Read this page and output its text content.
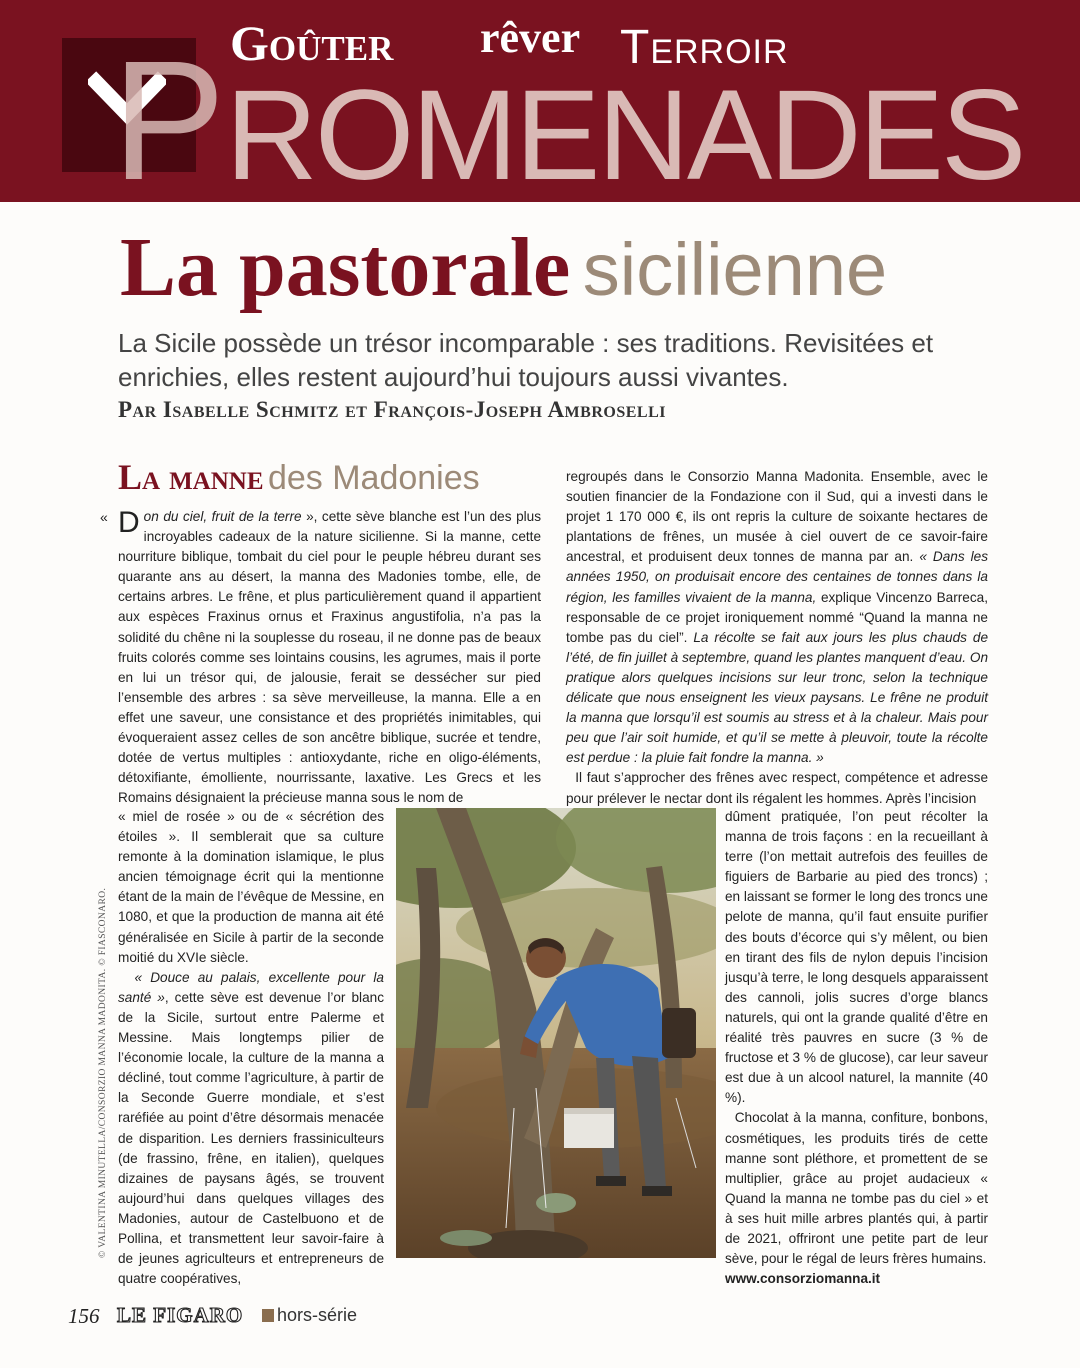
PROMENADES
Goûter rêver Terroir
La pastorale sicilienne
La Sicile possède un trésor incomparable : ses traditions. Revisitées et enrichies, elles restent aujourd’hui toujours aussi vivantes.
Par Isabelle Schmitz et François-Joseph Ambroselli
La manne des Madonies
« Don du ciel, fruit de la terre », cette sève blanche est l’un des plus incroyables cadeaux de la nature sicilienne. Si la manne, cette nourriture biblique, tombait du ciel pour le peuple hébreu durant ses quarante ans au désert, la manna des Madonies tombe, elle, de certains arbres. Le frêne, et plus particulièrement quand il appartient aux espèces Fraxinus ornus et Fraxinus angustifolia, n’a pas la solidité du chêne ni la souplesse du roseau, il ne donne pas de beaux fruits colorés comme ses lointains cousins, les agrumes, mais il porte en lui un trésor qui, de jalousie, ferait se dessécher sur pied l’ensemble des arbres : sa sève merveilleuse, la manna. Elle a en effet une saveur, une consistance et des propriétés inimitables, qui évoqueraient assez celles de son ancêtre biblique, sucrée et tendre, dotée de vertus multiples : antioxydante, riche en oligo-éléments, détoxifiante, émolliente, nourrissante, laxative. Les Grecs et les Romains désignaient la précieuse manna sous le nom de

« miel de rosée » ou de « sécrétion des étoiles ». Il semblerait que sa culture remonte à la domination islamique, le plus ancien témoignage écrit qui la mentionne étant de la main de l’évêque de Messine, en 1080, et que la production de manna ait été généralisée en Sicile à partir de la seconde moitié du XVIe siècle.

« Douce au palais, excellente pour la santé », cette sève est devenue l’or blanc de la Sicile, surtout entre Palerme et Messine. Mais longtemps pilier de l’économie locale, la culture de la manna a décliné, tout comme l’agriculture, à partir de la Seconde Guerre mondiale, et s’est raréfiée au point d’être désormais menacée de disparition. Les derniers frassinicultеurs (de frassino, frêne, en italien), quelques dizaines de paysans âgés, se trouvent aujourd’hui dans quelques villages des Madonies, autour de Castelbuono et de Pollina, et transmettent leur savoir-faire à de jeunes agriculteurs et entrepreneurs de quatre coopératives,

regroupés dans le Consorzio Manna Madonita. Ensemble, avec le soutien financier de la Fondazione con il Sud, qui a investi dans le projet 1 170 000 €, ils ont repris la culture de soixante hectares de plantations de frênes, un musée à ciel ouvert de ce savoir-faire ancestral, et produisent deux tonnes de manna par an. « Dans les années 1950, on produisait encore des centaines de tonnes dans la région, les familles vivaient de la manna, explique Vincenzo Barreca, responsable de ce projet ironiquement nommé “Quand la manna ne tombe pas du ciel”. La récolte se fait aux jours les plus chauds de l’été, de fin juillet à septembre, quand les plantes manquent d’eau. On pratique alors quelques incisions sur leur tronc, selon la technique délicate que nous enseignent les vieux paysans. Le frêne ne produit la manna que lorsqu’il est soumis au stress et à la chaleur. Mais pour peu que l’air soit humide, et qu’il se mette à pleuvoir, toute la récolte est perdue : la pluie fait fondre la manna. »

Il faut s’approcher des frênes avec respect, compétence et adresse pour prélever le nectar dont ils régalent les hommes. Après l’incision

dûment pratiquée, l’on peut récolter la manna de trois façons : en la recueillant à terre (l’on mettait autrefois des feuilles de figuiers de Barbarie au pied des troncs) ; en laissant se former le long des troncs une pelote de manna, qu’il faut ensuite purifier des bouts d’écorce qui s’y mêlent, ou bien en tirant des fils de nylon depuis l’incision jusqu’à terre, le long desquels apparaissent des cannoli, jolis sucres d’orge blancs naturels, qui ont la grande qualité d’être en réalité très pauvres en sucre (3 % de fructose et 3 % de glucose), car leur saveur est due à un alcool naturel, la mannite (40 %).

Chocolat à la manna, confiture, bonbons, cosmétiques, les produits tirés de cette manne sont pléthore, et promettent de se multiplier, grâce au projet audacieux « Quand la manna ne tombe pas du ciel » et à ses huit mille arbres plantés qui, à partir de 2021, offriront une petite part de leur sève, pour le régal de leurs frères humains.

www.consorziomanna.it

© VALENTINA MINUTELLA/CONSORZIO MANNA MADONITA. © FIASCONARO.
156 LE FIGARO hors-série
